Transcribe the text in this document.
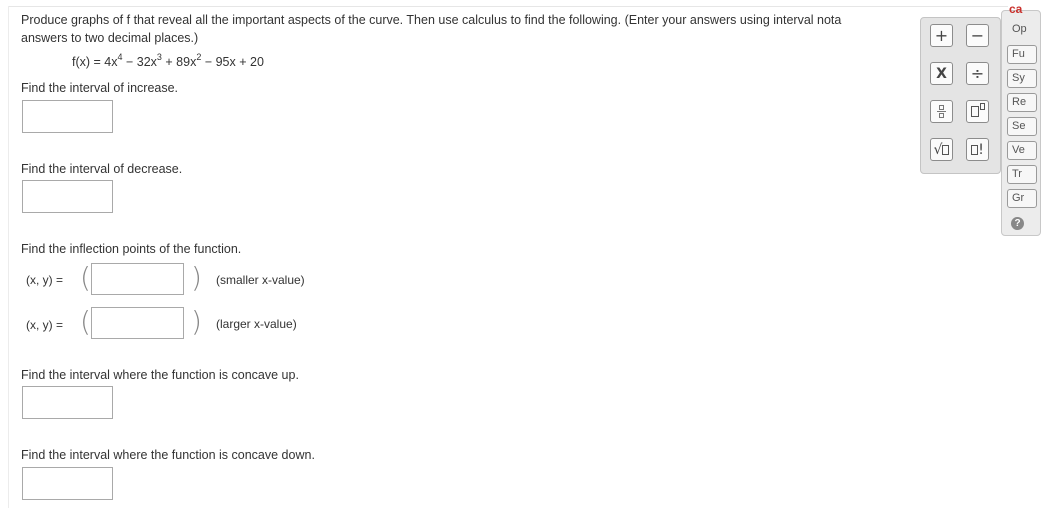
Produce graphs of f that reveal all the important aspects of the curve. Then use calculus to find the following. (Enter your answers using interval nota
answers to two decimal places.)
$f(x) = 4x^4 - 32x^3 + 89x^2 - 95x + 20$
Find the interval of increase.
Find the interval of decrease.
Find the inflection points of the function.
(x, y) = (	) (smaller x-value)
(x, y) = (	) (larger x-value)
Find the interval where the function is concave up.
Find the interval where the function is concave down.
+ −
X	÷
√	!
ca
Op
Fu
Sy
Re
Se
Ve
Tr
Gr
?
